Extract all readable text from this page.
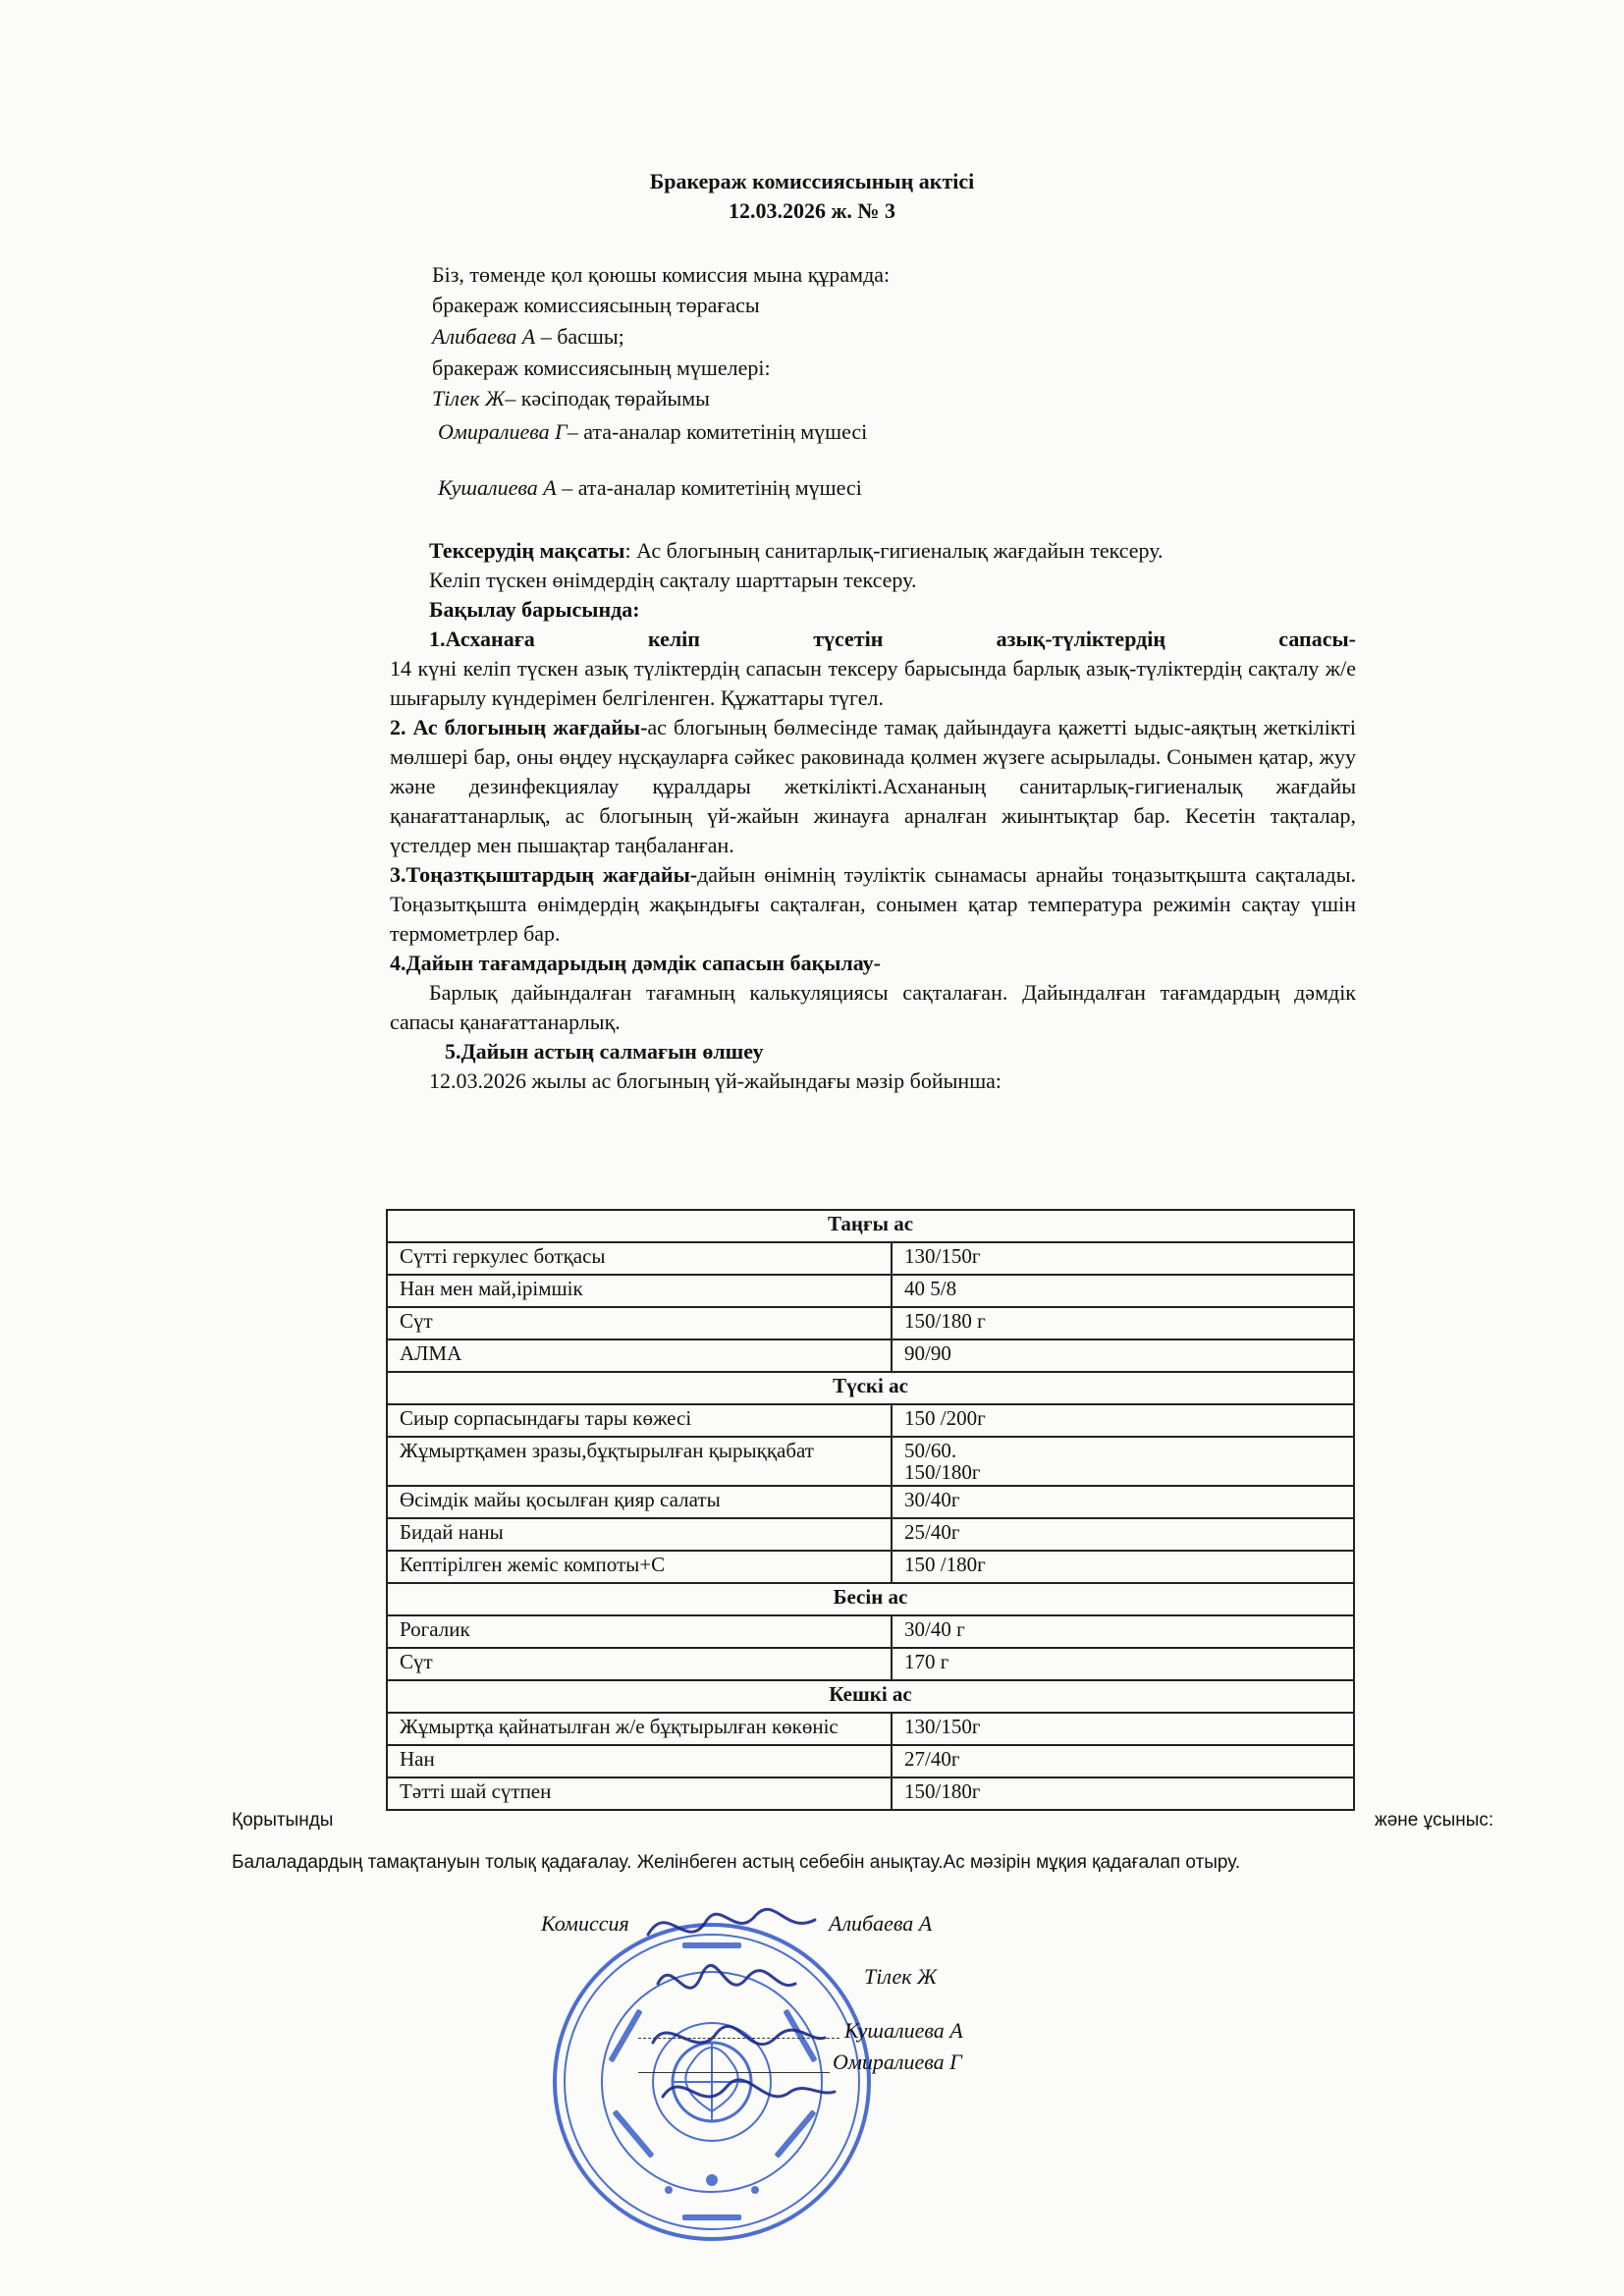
Бракераж комиссиясының актісі
12.03.2026 ж. № 3
Біз, төменде қол қоюшы комиссия мына құрамда:
бракераж комиссиясының төрағасы
Алибаева А – басшы;
бракераж комиссиясының мүшелері:
Тілек Ж– кәсіподақ төрайымы
Омиралиева Г– ата-аналар комитетінің мүшесі
Кушалиева А – ата-аналар комитетінің мүшесі

Тексерудің мақсаты: Ас блогының санитарлық-гигиеналық жағдайын тексеру.

Келіп түскен өнімдердің сақталу шарттарын тексеру.

Бақылау барысында:

1.Асханаға келіп түсетін азық-түліктердің сапасы-

14 күні келіп түскен азық түліктердің сапасын тексеру барысында барлық азық-түліктердің сақталу ж/е шығарылу күндерімен белгіленген. Құжаттары түгел.

2. Ас блогының жағдайы-ас блогының бөлмесінде тамақ дайындауға қажетті ыдыс-аяқтың жеткілікті мөлшері бар, оны өңдеу нұсқауларға сәйкес раковинада қолмен жүзеге асырылады. Сонымен қатар, жуу және дезинфекциялау құралдары жеткілікті.Асхананың санитарлық-гигиеналық жағдайы қанағаттанарлық, ас блогының үй-жайын жинауға арналған жиынтықтар бар. Кесетін тақталар, үстелдер мен пышақтар таңбаланған.

3.Тоңазтқыштардың жағдайы-дайын өнімнің тәуліктік сынамасы арнайы тоңазытқышта сақталады. Тоңазытқышта өнімдердің жақындығы сақталған, сонымен қатар температура режимін сақтау үшін термометрлер бар.

4.Дайын тағамдарыдың дәмдік сапасын бақылау-

Барлық дайындалған тағамның калькуляциясы сақталаған. Дайындалған тағамдардың дәмдік сапасы қанағаттанарлық.

5.Дайын астың салмағын өлшеу

12.03.2026 жылы ас блогының үй-жайындағы мәзір бойынша:

Таңғы ас	
Сүтті геркулес ботқасы	130/150г
Нан мен май,ірімшік	40 5/8
Сүт	150/180 г
АЛМА	90/90
Түскі ас	
Сиыр сорпасындағы тары көжесі	150 /200г
Жұмыртқамен зразы,бұқтырылған қырыққабат	50/60.
150/180г
Өсімдік майы қосылған қияр салаты	30/40г
Бидай наны	25/40г
Кептірілген жеміс компоты+С	150 /180г
Бесін ас	
Рогалик	30/40 г
Сүт	170 г
Кешкі ас	
Жұмыртқа қайнатылған ж/е бұқтырылған көкөніс	130/150г
Нан	27/40г
Тәтті шай сүтпен	150/180г
Қорытынды	және ұсыныс:
Балаладардың тамақтануын толық қадағалау. Желінбеген астың себебін анықтау.Ас мәзірін мұқия қадағалап отыру.
Комиссия	Алибаева А
Тілек Ж
Кушалиева А
Омиралиева Г
